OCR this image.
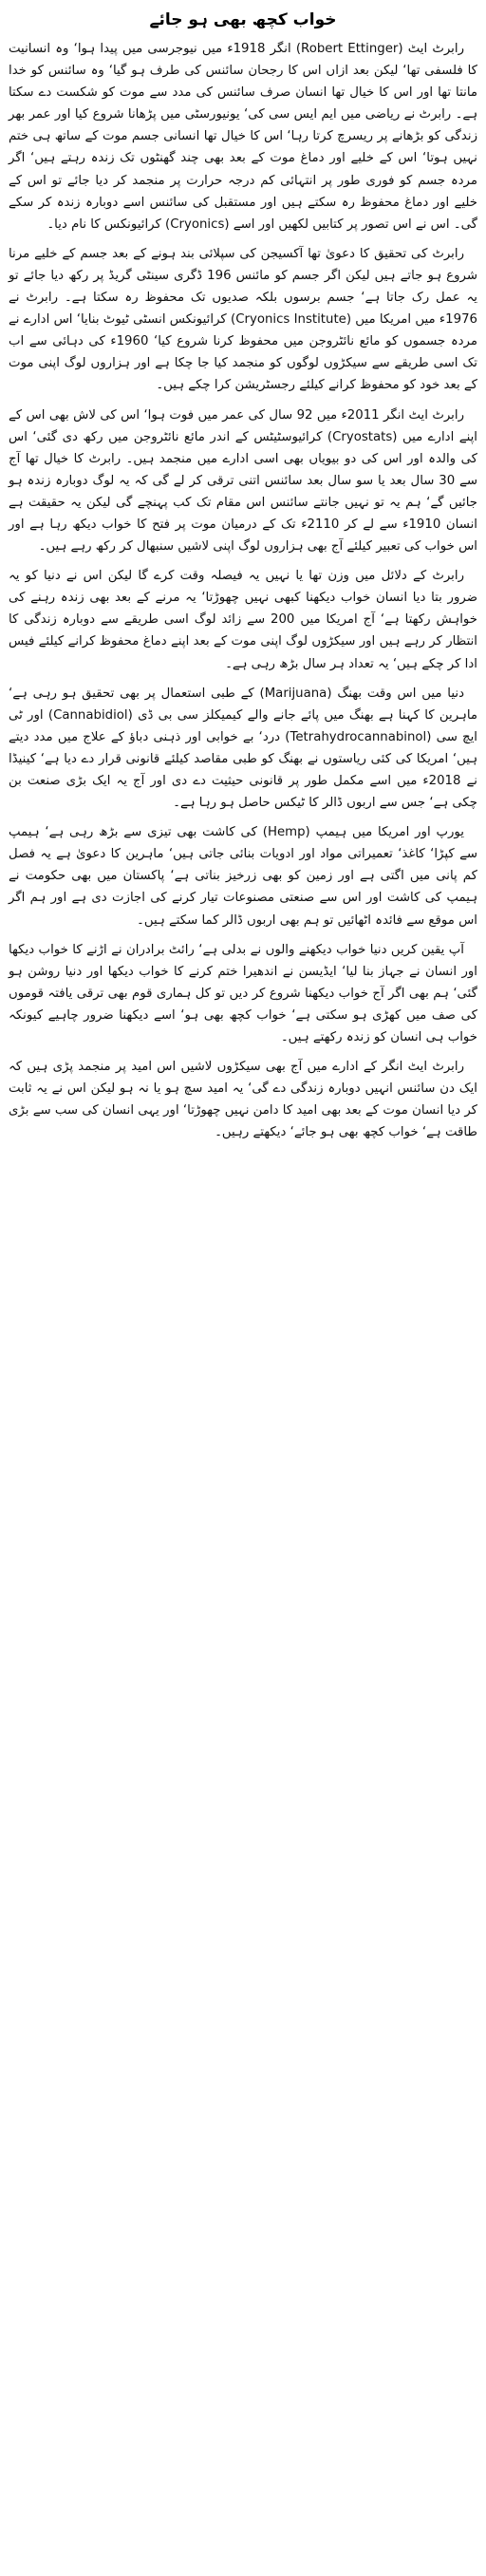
خواب کچھ بھی ہو جائے

رابرٹ ایٹ (Robert Ettinger) انگر 1918ء میں نیوجرسی میں پیدا ہوا‘ وہ انسانیت کا فلسفی تھا‘ لیکن بعد ازاں اس کا رجحان سائنس کی طرف ہو گیا‘ وہ سائنس کو خدا مانتا تھا اور اس کا خیال تھا انسان صرف سائنس کی مدد سے موت کو شکست دے سکتا ہے۔ رابرٹ نے ریاضی میں ایم ایس سی کی‘ یونیورسٹی میں پڑھانا شروع کیا اور عمر بھر زندگی کو بڑھانے پر ریسرچ کرتا رہا‘ اس کا خیال تھا انسانی جسم موت کے ساتھ ہی ختم نہیں ہوتا‘ اس کے خلیے اور دماغ موت کے بعد بھی چند گھنٹوں تک زندہ رہتے ہیں‘ اگر مردہ جسم کو فوری طور پر انتہائی کم درجہ حرارت پر منجمد کر دیا جائے تو اس کے خلیے اور دماغ محفوظ رہ سکتے ہیں اور مستقبل کی سائنس اسے دوبارہ زندہ کر سکے گی۔ اس نے اس تصور پر کتابیں لکھیں اور اسے (Cryonics) کرائیونکس کا نام دیا۔

رابرٹ کی تحقیق کا دعویٰ تھا آکسیجن کی سپلائی بند ہونے کے بعد جسم کے خلیے مرنا شروع ہو جاتے ہیں لیکن اگر جسم کو مائنس 196 ڈگری سینٹی گریڈ پر رکھ دیا جائے تو یہ عمل رک جاتا ہے‘ جسم برسوں بلکہ صدیوں تک محفوظ رہ سکتا ہے۔ رابرٹ نے 1976ء میں امریکا میں (Cryonics Institute) کرائیونکس انسٹی ٹیوٹ بنایا‘ اس ادارے نے مردہ جسموں کو مائع نائٹروجن میں محفوظ کرنا شروع کیا‘ 1960ء کی دہائی سے اب تک اسی طریقے سے سیکڑوں لوگوں کو منجمد کیا جا چکا ہے اور ہزاروں لوگ اپنی موت کے بعد خود کو محفوظ کرانے کیلئے رجسٹریشن کرا چکے ہیں۔

رابرٹ ایٹ انگر 2011ء میں 92 سال کی عمر میں فوت ہوا‘ اس کی لاش بھی اس کے اپنے ادارے میں (Cryostats) کرائیوسٹیٹس کے اندر مائع نائٹروجن میں رکھ دی گئی‘ اس کی والدہ اور اس کی دو بیویاں بھی اسی ادارے میں منجمد ہیں۔ رابرٹ کا خیال تھا آج سے 30 سال بعد یا سو سال بعد سائنس اتنی ترقی کر لے گی کہ یہ لوگ دوبارہ زندہ ہو جائیں گے‘ ہم یہ تو نہیں جانتے سائنس اس مقام تک کب پہنچے گی لیکن یہ حقیقت ہے انسان 1910ء سے لے کر 2110ء تک کے درمیان موت پر فتح کا خواب دیکھ رہا ہے اور اس خواب کی تعبیر کیلئے آج بھی ہزاروں لوگ اپنی لاشیں سنبھال کر رکھ رہے ہیں۔

رابرٹ کے دلائل میں وزن تھا یا نہیں یہ فیصلہ وقت کرے گا لیکن اس نے دنیا کو یہ ضرور بتا دیا انسان خواب دیکھنا کبھی نہیں چھوڑتا‘ یہ مرنے کے بعد بھی زندہ رہنے کی خواہش رکھتا ہے‘ آج امریکا میں 200 سے زائد لوگ اسی طریقے سے دوبارہ زندگی کا انتظار کر رہے ہیں اور سیکڑوں لوگ اپنی موت کے بعد اپنے دماغ محفوظ کرانے کیلئے فیس ادا کر چکے ہیں‘ یہ تعداد ہر سال بڑھ رہی ہے۔

دنیا میں اس وقت بھنگ (Marijuana) کے طبی استعمال پر بھی تحقیق ہو رہی ہے‘ ماہرین کا کہنا ہے بھنگ میں پائے جانے والے کیمیکلز سی بی ڈی (Cannabidiol) اور ٹی ایچ سی (Tetrahydrocannabinol) درد‘ بے خوابی اور ذہنی دباؤ کے علاج میں مدد دیتے ہیں‘ امریکا کی کئی ریاستوں نے بھنگ کو طبی مقاصد کیلئے قانونی قرار دے دیا ہے‘ کینیڈا نے 2018ء میں اسے مکمل طور پر قانونی حیثیت دے دی اور آج یہ ایک بڑی صنعت بن چکی ہے‘ جس سے اربوں ڈالر کا ٹیکس حاصل ہو رہا ہے۔

یورپ اور امریکا میں ہیمپ (Hemp) کی کاشت بھی تیزی سے بڑھ رہی ہے‘ ہیمپ سے کپڑا‘ کاغذ‘ تعمیراتی مواد اور ادویات بنائی جاتی ہیں‘ ماہرین کا دعویٰ ہے یہ فصل کم پانی میں اگتی ہے اور زمین کو بھی زرخیز بناتی ہے‘ پاکستان میں بھی حکومت نے ہیمپ کی کاشت اور اس سے صنعتی مصنوعات تیار کرنے کی اجازت دی ہے اور ہم اگر اس موقع سے فائدہ اٹھائیں تو ہم بھی اربوں ڈالر کما سکتے ہیں۔

آپ یقین کریں دنیا خواب دیکھنے والوں نے بدلی ہے‘ رائٹ برادران نے اڑنے کا خواب دیکھا اور انسان نے جہاز بنا لیا‘ ایڈیسن نے اندھیرا ختم کرنے کا خواب دیکھا اور دنیا روشن ہو گئی‘ ہم بھی اگر آج خواب دیکھنا شروع کر دیں تو کل ہماری قوم بھی ترقی یافتہ قوموں کی صف میں کھڑی ہو سکتی ہے‘ خواب کچھ بھی ہو‘ اسے دیکھنا ضرور چاہیے کیونکہ خواب ہی انسان کو زندہ رکھتے ہیں۔

رابرٹ ایٹ انگر کے ادارے میں آج بھی سیکڑوں لاشیں اس امید پر منجمد پڑی ہیں کہ ایک دن سائنس انہیں دوبارہ زندگی دے گی‘ یہ امید سچ ہو یا نہ ہو لیکن اس نے یہ ثابت کر دیا انسان موت کے بعد بھی امید کا دامن نہیں چھوڑتا‘ اور یہی انسان کی سب سے بڑی طاقت ہے‘ خواب کچھ بھی ہو جائے‘ دیکھتے رہیں۔
